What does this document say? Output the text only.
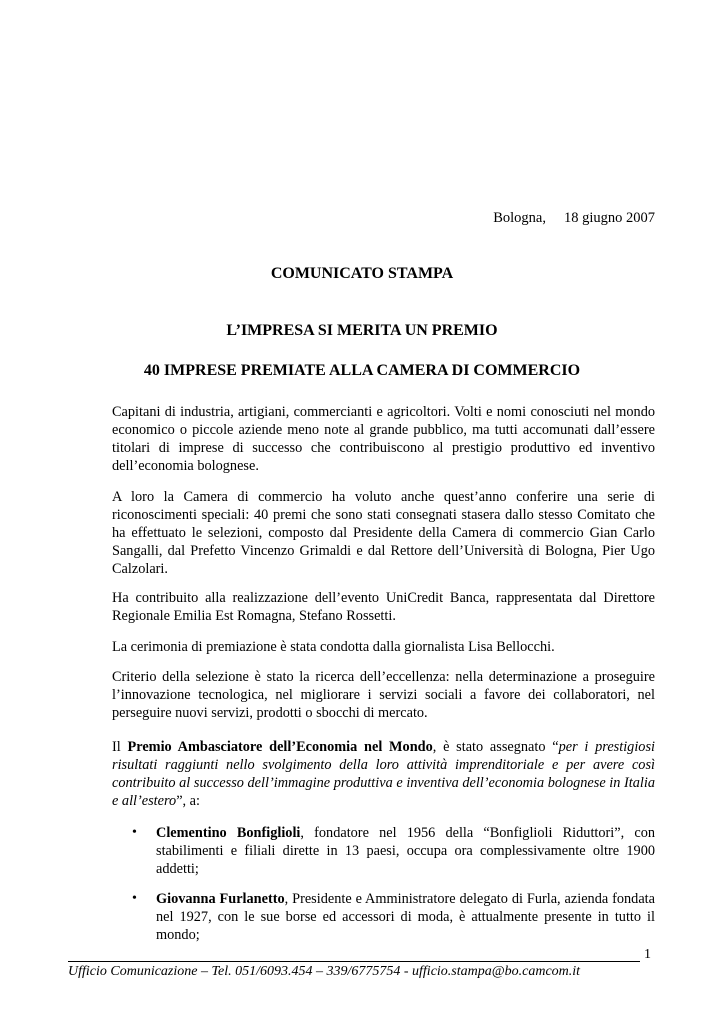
Bologna, 18 giugno 2007
COMUNICATO STAMPA
L’IMPRESA SI MERITA UN PREMIO
40 IMPRESE PREMIATE ALLA CAMERA DI COMMERCIO

Capitani di industria, artigiani, commercianti e agricoltori. Volti e nomi conosciuti nel mondo economico o piccole aziende meno note al grande pubblico, ma tutti accomunati dall’essere titolari di imprese di successo che contribuiscono al prestigio produttivo ed inventivo dell’economia bolognese.

A loro la Camera di commercio ha voluto anche quest’anno conferire una serie di riconoscimenti speciali: 40 premi che sono stati consegnati stasera dallo stesso Comitato che ha effettuato le selezioni, composto dal Presidente della Camera di commercio Gian Carlo Sangalli, dal Prefetto Vincenzo Grimaldi e dal Rettore dell’Università di Bologna, Pier Ugo Calzolari.

Ha contribuito alla realizzazione dell’evento UniCredit Banca, rappresentata dal Direttore Regionale Emilia Est Romagna, Stefano Rossetti.

La cerimonia di premiazione è stata condotta dalla giornalista Lisa Bellocchi.

Criterio della selezione è stato la ricerca dell’eccellenza: nella determinazione a proseguire l’innovazione tecnologica, nel migliorare i servizi sociali a favore dei collaboratori, nel perseguire nuovi servizi, prodotti o sbocchi di mercato.

Il Premio Ambasciatore dell’Economia nel Mondo, è stato assegnato “per i prestigiosi risultati raggiunti nello svolgimento della loro attività imprenditoriale e per avere così contribuito al successo dell’immagine produttiva e inventiva dell’economia bolognese in Italia e all’estero”, a:

• Clementino Bonfiglioli, fondatore nel 1956 della “Bonfiglioli Riduttori”, con stabilimenti e filiali dirette in 13 paesi, occupa ora complessivamente oltre 1900 addetti;
• Giovanna Furlanetto, Presidente e Amministratore delegato di Furla, azienda fondata nel 1927, con le sue borse ed accessori di moda, è attualmente presente in tutto il mondo;
1
Ufficio Comunicazione – Tel. 051/6093.454 – 339/6775754 - ufficio.stampa@bo.camcom.it
